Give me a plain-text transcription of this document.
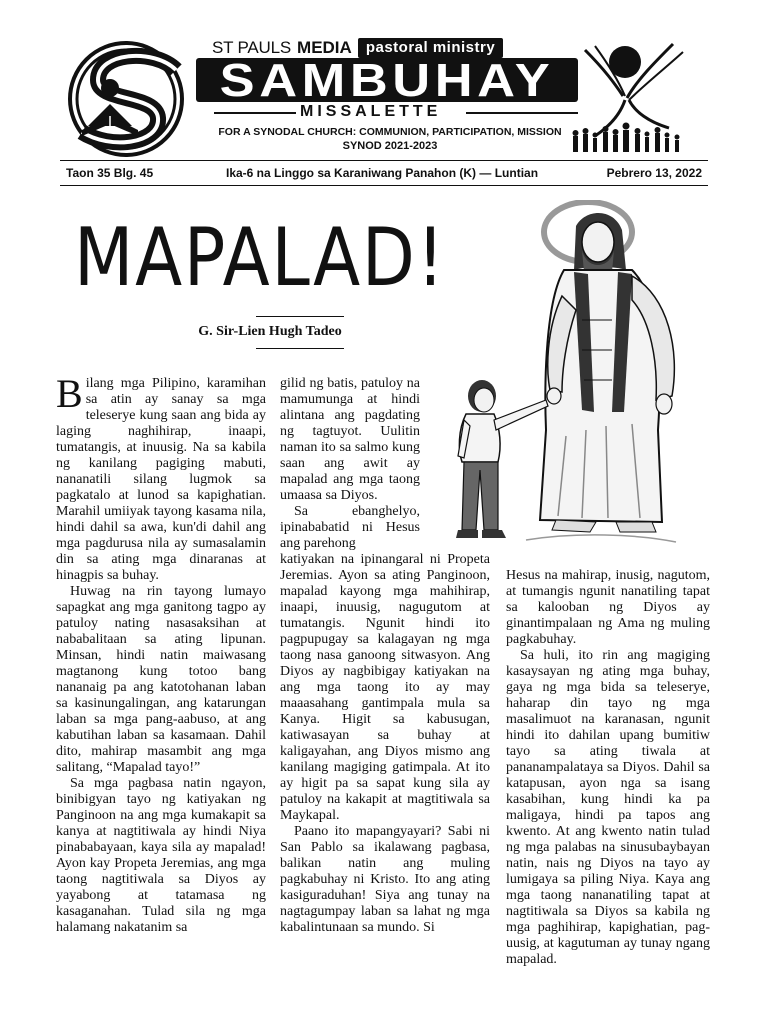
ST PAULS MEDIA pastoral ministry
SAMBUHAY
MISSALETTE
FOR A SYNODAL CHURCH: COMMUNION, PARTICIPATION, MISSION
SYNOD 2021-2023
Taon 35 Blg. 45	Ika-6 na Linggo sa Karaniwang Panahon (K) — Luntian	Pebrero 13, 2022
MAPALAD!
G. Sir-Lien Hugh Tadeo

Bilang mga Pilipino, karamihan sa atin ay sanay sa mga teleserye kung saan ang bida ay laging naghihirap, inaapi, tumatangis, at inuusig. Na sa kabila ng kanilang pagiging mabuti, nananatili silang lugmok sa pagkatalo at lunod sa kapighatian. Marahil umiiyak tayong kasama nila, hindi dahil sa awa, kun'di dahil ang mga pagdurusa nila ay sumasalamin din sa ating mga dinaranas at hinagpis sa buhay.

Huwag na rin tayong lumayo sapagkat ang mga ganitong tagpo ay patuloy nating nasasaksihan at nababalitaan sa ating lipunan. Minsan, hindi natin maiwasang magtanong kung totoo bang nananaig pa ang katotohanan laban sa kasinungalingan, ang katarungan laban sa mga pang-aabuso, at ang kabutihan laban sa kasamaan. Dahil dito, mahirap masambit ang mga salitang, “Mapalad tayo!”

Sa mga pagbasa natin ngayon, binibigyan tayo ng katiyakan ng Panginoon na ang mga kumakapit sa kanya at nagtitiwala ay hindi Niya pinababayaan, kaya sila ay mapalad! Ayon kay Propeta Jeremias, ang mga taong nagtitiwala sa Diyos ay yayabong at tatamasa ng kasaganahan. Tulad sila ng mga halamang nakatanim sa

gilid ng batis, patuloy na mamumunga at hindi alintana ang pagdating ng tagtuyot. Uulitin naman ito sa salmo kung saan ang awit ay mapalad ang mga taong umaasa sa Diyos.

Sa ebanghelyo, ipinababatid ni Hesus ang parehong

katiyakan na ipinangaral ni Propeta Jeremias. Ayon sa ating Panginoon, mapalad kayong mga mahihirap, inaapi, inuusig, nagugutom at tumatangis. Ngunit hindi ito pagpupugay sa kalagayan ng mga taong nasa ganoong sitwasyon. Ang Diyos ay nagbibigay katiyakan na ang mga taong ito ay may maaasahang gantimpala mula sa Kanya. Higit sa kabusugan, katiwasayan sa buhay at kaligayahan, ang Diyos mismo ang kanilang magiging gatimpala. At ito ay higit pa sa sapat kung sila ay patuloy na kakapit at magtitiwala sa Maykapal.

Paano ito mapangyayari? Sabi ni San Pablo sa ikalawang pagbasa, balikan natin ang muling pagkabuhay ni Kristo. Ito ang ating kasiguraduhan! Siya ang tunay na nagtagumpay laban sa lahat ng mga kabalintunaan sa mundo. Si

Hesus na mahirap, inusig, nagutom, at tumangis ngunit nanatiling tapat sa kalooban ng Diyos ay ginantimpalaan ng Ama ng muling pagkabuhay.

Sa huli, ito rin ang magiging kasaysayan ng ating mga buhay, gaya ng mga bida sa teleserye, haharap din tayo ng mga masalimuot na karanasan, ngunit hindi ito dahilan upang bumitiw tayo sa ating tiwala at pananampalataya sa Diyos. Dahil sa katapusan, ayon nga sa isang kasabihan, kung hindi ka pa maligaya, hindi pa tapos ang kwento. At ang kwento natin tulad ng mga palabas na sinusubaybayan natin, nais ng Diyos na tayo ay lumigaya sa piling Niya. Kaya ang mga taong nananatiling tapat at nagtitiwala sa Diyos sa kabila ng mga paghihirap, kapighatian, pag-uusig, at kagutuman ay tunay ngang mapalad.
